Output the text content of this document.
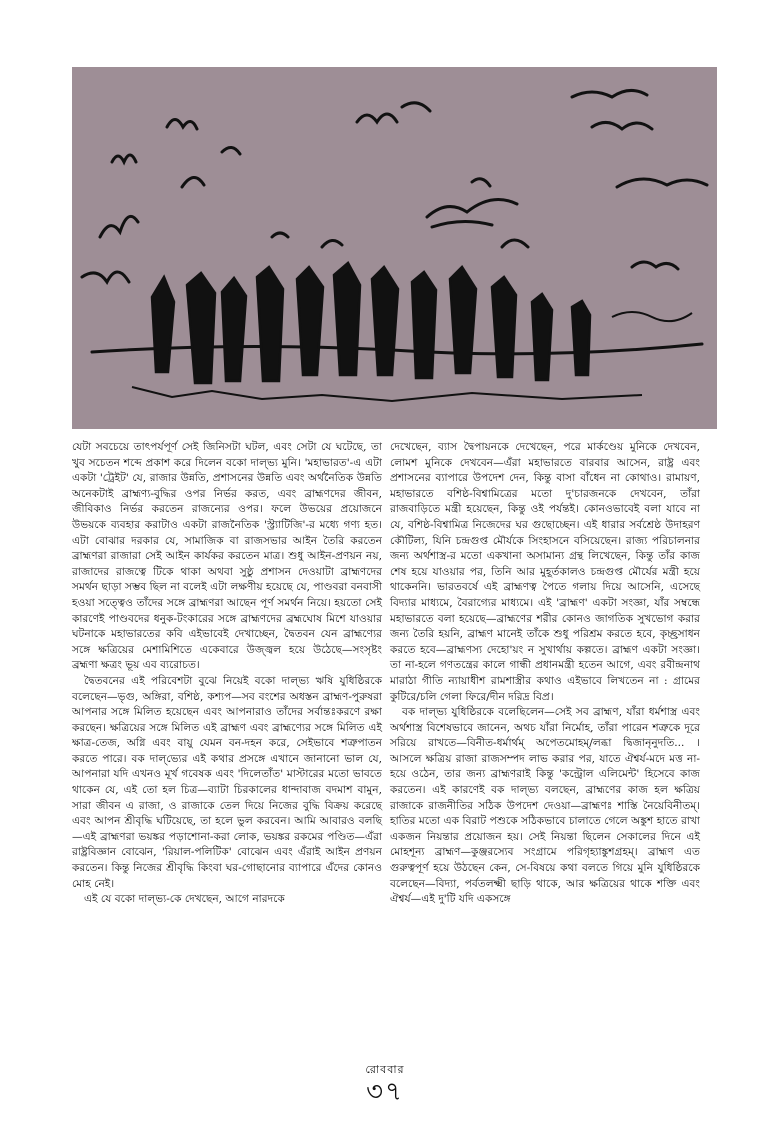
যেটা সবচেয়ে তাৎপর্যপূর্ণ সেই জিনিসটা ঘটল, এবং সেটা যে ঘটেছে, তা খুব সচেতন শব্দে প্রকাশ করে দিলেন বকো দাল্‌ভ্য মুনি। 'মহাভারত'-এ এটা একটা 'ট্রেইট' যে, রাজার উন্নতি, প্রশাসনের উন্নতি এবং অর্থনৈতিক উন্নতি অনেকটাই ব্রাহ্মণ্য-বুদ্ধির ওপর নির্ভর করত, এবং ব্রাহ্মণদের জীবন, জীবিকাও নির্ভর করতেন রাজন্যের ওপর। ফলে উভয়ের প্রয়োজনে উভয়কে ব্যবহার করাটাও একটা রাজনৈতিক 'স্ট্র্যাটিজি'-র মধ্যে গণ্য হত। এটা বোঝার দরকার যে, সামাজিক বা রাজসভার আইন তৈরি করতেন ব্রাহ্মণরা রাজারা সেই আইন কার্যকর করতেন মাত্র। শুধু আইন-প্রণয়ন নয়, রাজাদের রাজত্বে টিকে থাকা অথবা সুষ্ঠু প্রশাসন দেওয়াটা ব্রাহ্মণদের সমর্থন ছাড়া সম্ভব ছিল না বলেই এটা লক্ষণীয় হয়েছে যে, পাণ্ডবরা বনবাসী হওয়া সত্ত্বেও তাঁদের সঙ্গে ব্রাহ্মণরা আছেন পূর্ণ সমর্থন নিয়ে। হয়তো সেই কারণেই পাণ্ডবদের ধনুক-টংকারের সঙ্গে ব্রাহ্মণদের ব্রহ্মঘোষ মিশে যাওয়ার ঘটনাকে মহাভারতের কবি এইভাবেই দেখাচ্ছেন, দ্বৈতবন যেন ব্রাহ্মণ্যের সঙ্গে ক্ষত্রিয়ের মেশামিশিতে একেবারে উজ্জ্বল হয়ে উঠেছে—সংসৃষ্টং ব্রহ্মণা ক্ষত্রং ভূয় এব ব্যরোচত।

দ্বৈতবনের এই পরিবেশটা বুঝে নিয়েই বকো দাল্‌ভ্য ঋষি যুধিষ্ঠিরকে বলেছেন—ভৃগু, অঙ্গিরা, বশিষ্ঠ, কশ্যপ—সব বংশের অধস্তন ব্রাহ্মণ-পুরুষরা আপনার সঙ্গে মিলিত হয়েছেন এবং আপনারাও তাঁদের সর্বান্তঃকরণে রক্ষা করছেন। ক্ষত্রিয়ের সঙ্গে মিলিত এই ব্রাহ্মণ এবং ব্রাহ্মণ্যের সঙ্গে মিলিত এই ক্ষাত্র-তেজ, অগ্নি এবং বায়ু যেমন বন-দহন করে, সেইভাবে শত্রুপাতন করতে পারে। বক দাল্‌ভ্যের এই কথার প্রসঙ্গে এখানে জানানো ভাল যে, আপনারা যদি এখনও মূর্খ গবেষক এবং 'দিলেতাঁত' মাস্টারের মতো ভাবতে থাকেন যে, এই তো হল চিত্র—ব্যাটা চিরকালের ধান্দাবাজ বদমাশ বামুন, সারা জীবন এ রাজা, ও রাজাকে তেল দিয়ে নিজের বুদ্ধি বিক্রয় করেছে এবং আপন শ্রীবৃদ্ধি ঘটিয়েছে, তা হলে ভুল করবেন। আমি আবারও বলছি—এই ব্রাহ্মণরা ভয়ঙ্কর পড়াশোনা-করা লোক, ভয়ঙ্কর রকমের পণ্ডিত—এঁরা রাষ্ট্রবিজ্ঞান বোঝেন, 'রিয়াল-পলিটিক' বোঝেন এবং এঁরাই আইন প্রণয়ন করতেন। কিন্তু নিজের শ্রীবৃদ্ধি কিংবা ঘর-গোছানোর ব্যাপারে এঁদের কোনও মোহ নেই।

এই যে বকো দাল্‌ভ্য-কে দেখছেন, আগে নারদকে

দেখেছেন, ব্যাস দ্বৈপায়নকে দেখেছেন, পরে মার্কণ্ডেয় মুনিকে দেখবেন, লোমশ মুনিকে দেখবেন—এঁরা মহাভারতে বারবার আসেন, রাষ্ট্র এবং প্রশাসনের ব্যাপারে উপদেশ দেন, কিন্তু বাসা বাঁধেন না কোথাও। রামায়ণ, মহাভারতে বশিষ্ঠ-বিশ্বামিত্রের মতো দু'চারজনকে দেখবেন, তাঁরা রাজবাড়িতে মন্ত্রী হয়েছেন, কিন্তু ওই পর্যন্তই। কোনওভাবেই বলা যাবে না যে, বশিষ্ঠ-বিশ্বামিত্র নিজেদের ঘর গুছোচ্ছেন। এই ধারার সর্বশ্রেষ্ঠ উদাহরণ কৌটিল্য, যিনি চন্দ্রগুপ্ত মৌর্যকে সিংহাসনে বসিয়েছেন। রাজ্য পরিচালনার জন্য অর্থশাস্ত্র-র মতো একখানা অসামান্য গ্রন্থ লিখেছেন, কিন্তু তাঁর কাজ শেষ হয়ে যাওয়ার পর, তিনি আর মুহূর্তকালও চন্দ্রগুপ্ত মৌর্যের মন্ত্রী হয়ে থাকেননি। ভারতবর্ষে এই ব্রাহ্মণত্ব পৈতে গলায় দিয়ে আসেনি, এসেছে বিদ্যার মাধ্যমে, বৈরাগ্যের মাধ্যমে। এই 'ব্রাহ্মণ' একটা সংজ্ঞা, যাঁর সম্বন্ধে মহাভারতে বলা হয়েছে—ব্রাহ্মণের শরীর কোনও জাগতিক সুখভোগ করার জন্য তৈরি হয়নি, ব্রাহ্মণ মানেই তাঁকে শুধু পরিশ্রম করতে হবে, কৃচ্ছ্রসাধন করতে হবে—ব্রাহ্মণস্য দেহো'য়ং ন সুখার্থায় কল্পতে। ব্রাহ্মণ একটা সংজ্ঞা। তা না-হলে গণতন্ত্রের কালে গান্ধী প্রধানমন্ত্রী হতেন আগে, এবং রবীন্দ্রনাথ মারাঠা গীতি ন্যায়াধীশ রামশাস্ত্রীর কথাও এইভাবে লিখতেন না : গ্রামের কুটিরে/চলি গেলা ফিরে/দীন দরিদ্র বিপ্র।

বক দাল্‌ভ্য যুধিষ্ঠিরকে বলেছিলেন—সেই সব ব্রাহ্মণ, যাঁরা ধর্মশাস্ত্র এবং অর্থশাস্ত্র বিশেষভাবে জানেন, অথচ যাঁরা নির্মোহ, তাঁরা পারেন শত্রুকে দূরে সরিয়ে রাখতে—বিনীত-ধর্মার্থম্ অপেতমোহম্/লব্ধা দ্বিজানৃনুদতি... । আসলে ক্ষত্রিয় রাজা রাজসম্পদ লাভ করার পর, যাতে ঐশ্বর্য-মদে মত্ত না-হয়ে ওঠেন, তার জন্য ব্রাহ্মণরাই কিন্তু 'কন্ট্রোল এলিমেন্ট' হিসেবে কাজ করতেন। এই কারণেই বক দাল্‌ভ্য বলছেন, ব্রাহ্মণের কাজ হল ক্ষত্রিয় রাজাকে রাজনীতির সঠিক উপদেশ দেওয়া—ব্রাহ্মণঃ শাস্তি নৈয়েবিনীতম্। হাতির মতো এক বিরাট পশুকে সঠিকভাবে চালাতে গেলে অঙ্কুশ হাতে রাখা একজন নিয়ন্তার প্রয়োজন হয়। সেই নিয়ন্তা ছিলেন সেকালের দিনে এই মোহশূন্য ব্রাহ্মণ—কুঞ্জরস্যেব সংগ্রামে পরিগৃহ্যাঙ্কুশগ্রহম্। ব্রাহ্মণ এত গুরুত্বপূর্ণ হয়ে উঠছেন কেন, সে-বিষয়ে কথা বলতে গিয়ে মুনি যুধিষ্ঠিরকে বলেছেন—বিদ্যা, পর্বতলক্ষ্মী ছাড়ি থাকে, আর ক্ষত্রিয়ের থাকে শক্তি এবং ঐশ্বর্য—এই দু'টি যদি একসঙ্গে

রোববার
৩৭
